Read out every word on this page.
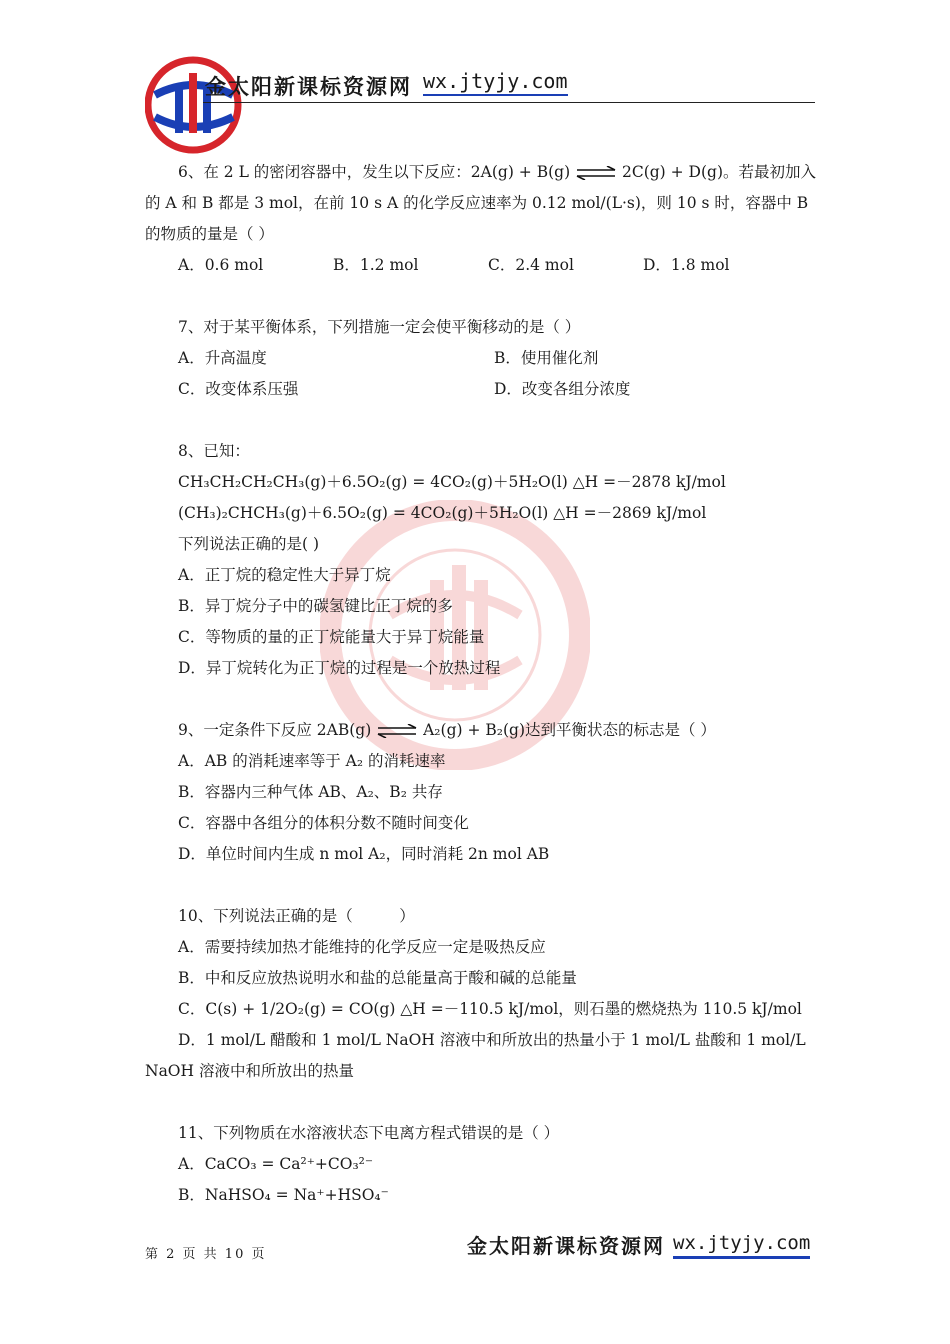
金太阳新课标资源网 wx.jtyjy.com
6、在 2 L 的密闭容器中，发生以下反应：2A(g) + B(g) ⇌ 2C(g) + D(g)。若最初加入
的 A 和 B 都是 3 mol，在前 10 s A 的化学反应速率为 0.12 mol/(L·s)，则 10 s 时，容器中 B
的物质的量是（ ）
A．0.6 mol	B．1.2 mol	C．2.4 mol	D．1.8 mol
7、对于某平衡体系，下列措施一定会使平衡移动的是（ ）
A．升高温度	B．使用催化剂
C．改变体系压强	D．改变各组分浓度
8、已知：
CH₃CH₂CH₂CH₃(g)＋6.5O₂(g) = 4CO₂(g)＋5H₂O(l) △H =－2878 kJ/mol
(CH₃)₂CHCH₃(g)＋6.5O₂(g) = 4CO₂(g)＋5H₂O(l) △H =－2869 kJ/mol
下列说法正确的是( )
A．正丁烷的稳定性大于异丁烷
B．异丁烷分子中的碳氢键比正丁烷的多
C．等物质的量的正丁烷能量大于异丁烷能量
D．异丁烷转化为正丁烷的过程是一个放热过程
9、一定条件下反应 2AB(g) ⇌ A₂(g) + B₂(g)达到平衡状态的标志是（ ）
A．AB 的消耗速率等于 A₂ 的消耗速率
B．容器内三种气体 AB、A₂、B₂ 共存
C．容器中各组分的体积分数不随时间变化
D．单位时间内生成 n mol A₂，同时消耗 2n mol AB
10、下列说法正确的是（　　　）
A．需要持续加热才能维持的化学反应一定是吸热反应
B．中和反应放热说明水和盐的总能量高于酸和碱的总能量
C．C(s) + 1/2O₂(g) = CO(g) △H =－110.5 kJ/mol，则石墨的燃烧热为 110.5 kJ/mol
D．1 mol/L 醋酸和 1 mol/L NaOH 溶液中和所放出的热量小于 1 mol/L 盐酸和 1 mol/L
NaOH 溶液中和所放出的热量
11、下列物质在水溶液状态下电离方程式错误的是（ ）
A．CaCO₃ = Ca²⁺+CO₃²⁻
B．NaHSO₄ = Na⁺+HSO₄⁻
第 2 页 共 10 页	金太阳新课标资源网 wx.jtyjy.com
